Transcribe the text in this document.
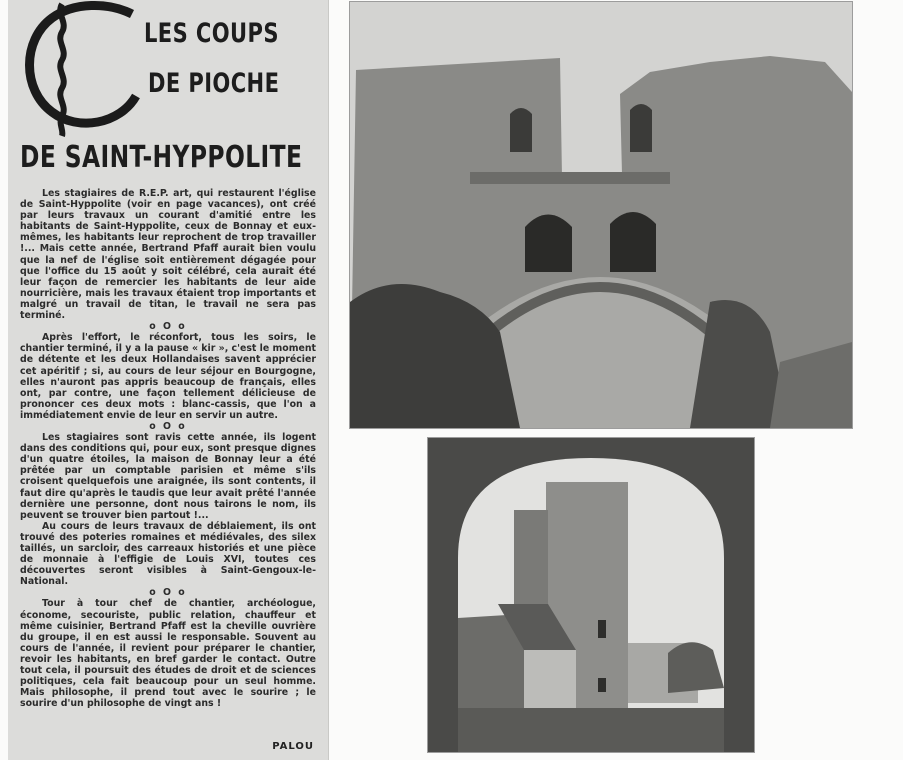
LES COUPS
DE PIOCHE
DE SAINT-HYPPOLITE

Les stagiaires de R.E.P. art, qui restaurent l'église de Saint-Hyppolite (voir en page vacances), ont créé par leurs travaux un courant d'amitié entre les habitants de Saint-Hyppolite, ceux de Bonnay et eux-mêmes, les habitants leur reprochent de trop travailler !... Mais cette année, Bertrand Pfaff aurait bien voulu que la nef de l'église soit entièrement dégagée pour que l'office du 15 août y soit célébré, cela aurait été leur façon de remercier les habitants de leur aide nourricière, mais les travaux étaient trop importants et malgré un travail de titan, le travail ne sera pas terminé.

o O o

Après l'effort, le réconfort, tous les soirs, le chantier terminé, il y a la pause « kir », c'est le moment de détente et les deux Hollandaises savent apprécier cet apéritif ; si, au cours de leur séjour en Bourgogne, elles n'auront pas appris beaucoup de français, elles ont, par contre, une façon tellement délicieuse de prononcer ces deux mots : blanc-cassis, que l'on a immédiatement envie de leur en servir un autre.

o O o

Les stagiaires sont ravis cette année, ils logent dans des conditions qui, pour eux, sont presque dignes d'un quatre étoiles, la maison de Bonnay leur a été prêtée par un comptable parisien et même s'ils croisent quelquefois une araignée, ils sont contents, il faut dire qu'après le taudis que leur avait prêté l'année dernière une personne, dont nous tairons le nom, ils peuvent se trouver bien partout !...

Au cours de leurs travaux de déblaiement, ils ont trouvé des poteries romaines et médiévales, des silex taillés, un sarcloir, des carreaux historiés et une pièce de monnaie à l'effigie de Louis XVI, toutes ces découvertes seront visibles à Saint-Gengoux-le-National.

o O o

Tour à tour chef de chantier, archéologue, économe, secouriste, public relation, chauffeur et même cuisinier, Bertrand Pfaff est la cheville ouvrière du groupe, il en est aussi le responsable. Souvent au cours de l'année, il revient pour préparer le chantier, revoir les habitants, en bref garder le contact. Outre tout cela, il poursuit des études de droit et de sciences politiques, cela fait beaucoup pour un seul homme. Mais philosophe, il prend tout avec le sourire ; le sourire d'un philosophe de vingt ans !

PALOU
